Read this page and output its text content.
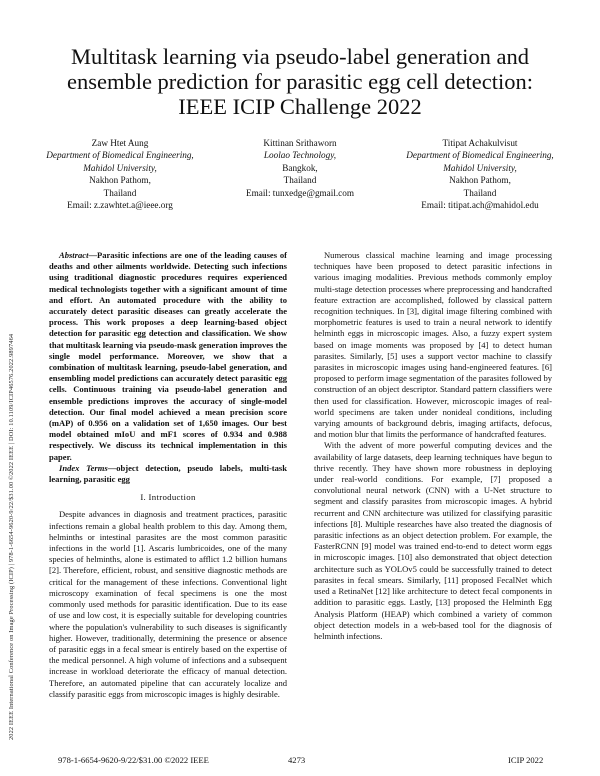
2022 IEEE International Conference on Image Processing (ICIP) | 978-1-6654-9620-9/22/$31.00 ©2022 IEEE | DOI: 10.1109/ICIP46576.2022.9897464
Multitask learning via pseudo-label generation and
ensemble prediction for parasitic egg cell detection:
IEEE ICIP Challenge 2022
Zaw Htet Aung
Department of Biomedical Engineering,
Mahidol University,
Nakhon Pathom,
Thailand
Email: z.zawhtet.a@ieee.org
Kittinan Srithaworn
Loolao Technology,
Bangkok,
Thailand
Email: tunxedge@gmail.com
Titipat Achakulvisut
Department of Biomedical Engineering,
Mahidol University,
Nakhon Pathom,
Thailand
Email: titipat.ach@mahidol.edu

Abstract—Parasitic infections are one of the leading causes of deaths and other ailments worldwide. Detecting such infections using traditional diagnostic procedures requires experienced medical technologists together with a significant amount of time and effort. An automated procedure with the ability to accurately detect parasitic diseases can greatly accelerate the process. This work proposes a deep learning-based object detection for parasitic egg detection and classification. We show that multitask learning via pseudo-mask generation improves the single model performance. Moreover, we show that a combination of multitask learning, pseudo-label generation, and ensembling model predictions can accurately detect parasitic egg cells. Continuous training via pseudo-label generation and ensemble predictions improves the accuracy of single-model detection. Our final model achieved a mean precision score (mAP) of 0.956 on a validation set of 1,650 images. Our best model obtained mIoU and mF1 scores of 0.934 and 0.988 respectively. We discuss its technical implementation in this paper.

Index Terms—object detection, pseudo labels, multi-task learning, parasitic egg

I. Introduction

Despite advances in diagnosis and treatment practices, parasitic infections remain a global health problem to this day. Among them, helminths or intestinal parasites are the most common parasitic infections in the world [1]. Ascaris lumbricoides, one of the many species of helminths, alone is estimated to afflict 1.2 billion humans [2]. Therefore, efficient, robust, and sensitive diagnostic methods are critical for the management of these infections. Conventional light microscopy examination of fecal specimens is one the most commonly used methods for parasitic identification. Due to its ease of use and low cost, it is especially suitable for developing countries where the population's vulnerability to such diseases is significantly higher. However, traditionally, determining the presence or absence of parasitic eggs in a fecal smear is entirely based on the expertise of the medical personnel. A high volume of infections and a subsequent increase in workload deteriorate the efficacy of manual detection. Therefore, an automated pipeline that can accurately localize and classify parasitic eggs from microscopic images is highly desirable.

Numerous classical machine learning and image processing techniques have been proposed to detect parasitic infections in various imaging modalities. Previous methods commonly employ multi-stage detection processes where preprocessing and handcrafted feature extraction are accomplished, followed by classical pattern recognition techniques. In [3], digital image filtering combined with morphometric features is used to train a neural network to identify helminth eggs in microscopic images. Also, a fuzzy expert system based on image moments was proposed by [4] to detect human parasites. Similarly, [5] uses a support vector machine to classify parasites in microscopic images using hand-engineered features. [6] proposed to perform image segmentation of the parasites followed by construction of an object descriptor. Standard pattern classifiers were then used for classification. However, microscopic images of real-world specimens are taken under nonideal conditions, including varying amounts of background debris, imaging artifacts, defocus, and motion blur that limits the performance of handcrafted features.

With the advent of more powerful computing devices and the availability of large datasets, deep learning techniques have begun to thrive recently. They have shown more robustness in deploying under real-world conditions. For example, [7] proposed a convolutional neural network (CNN) with a U-Net structure to segment and classify parasites from microscopic images. A hybrid recurrent and CNN architecture was utilized for classifying parasitic infections [8]. Multiple researches have also treated the diagnosis of parasitic infections as an object detection problem. For example, the FasterRCNN [9] model was trained end-to-end to detect worm eggs in microscopic images. [10] also demonstrated that object detection architecture such as YOLOv5 could be successfully trained to detect parasites in fecal smears. Similarly, [11] proposed FecalNet which used a RetinaNet [12] like architecture to detect fecal components in addition to parasitic eggs. Lastly, [13] proposed the Helminth Egg Analysis Platform (HEAP) which combined a variety of common object detection models in a web-based tool for the diagnosis of helminth infections.

978-1-6654-9620-9/22/$31.00 ©2022 IEEE	4273	ICIP 2022
